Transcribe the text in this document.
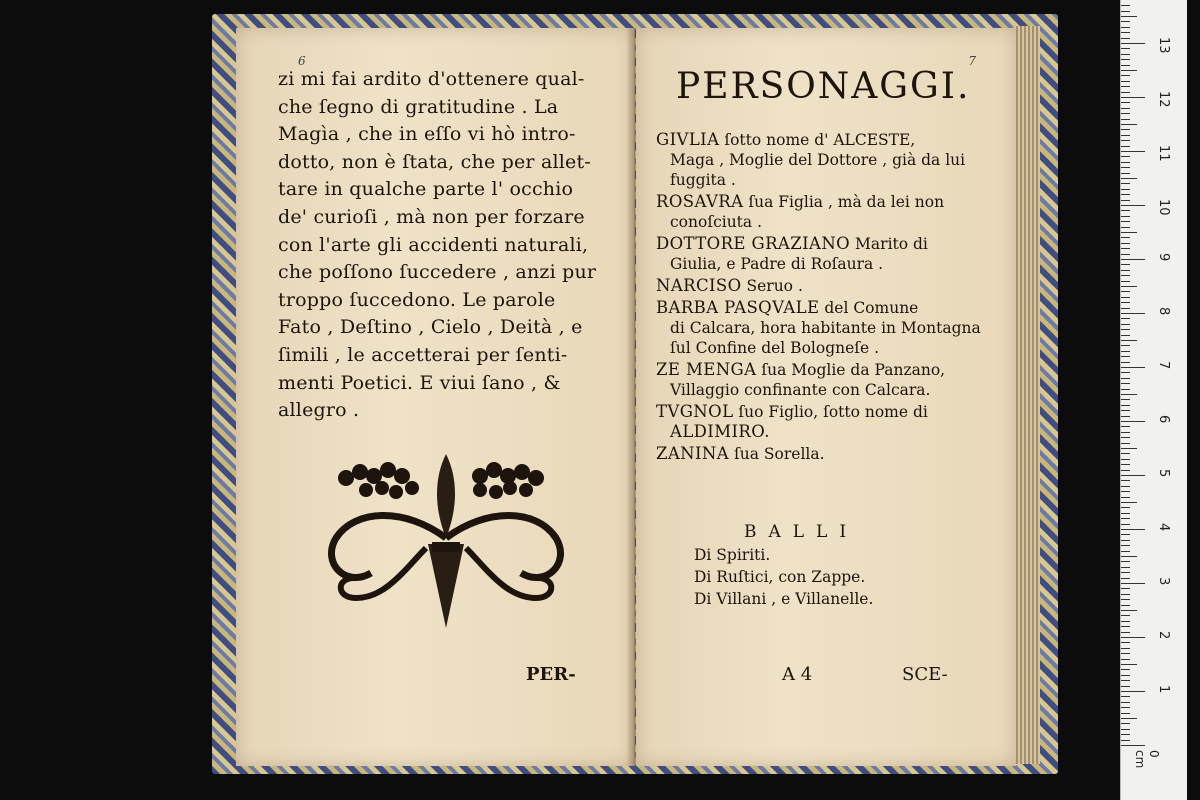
6
zi mi fai ardito d'ottenere qual-
che ſegno di gratitudine . La
Magìa , che in eſſo vi hò intro-
dotto, non è ſtata, che per allet-
tare in qualche parte l' occhio
de' curioſi , mà non per forzare
con l'arte gli accidenti naturali,
che poſſono ſuccedere , anzi pur
troppo ſuccedono. Le parole
Fato , Deſtino , Cielo , Deità , e
ſimili , le accetterai per ſenti-
menti Poetici. E viui ſano , &
allegro .
PER-
7
PERSONAGGI.
GIVLIA ſotto nome d' ALCESTE,
Maga , Moglie del Dottore , già da lui fuggita .
ROSAVRA ſua Figlia , mà da lei non
conoſciuta .
DOTTORE GRAZIANO Marito di
Giulia, e Padre di Roſaura .
NARCISO Seruo .
BARBA PASQVALE del Comune
di Calcara, hora habitante in Montagna ſul Confine del Bologneſe .
ZE MENGA ſua Moglie da Panzano,
Villaggio confinante con Calcara.
TVGNOL ſuo Figlio, ſotto nome di
ALDIMIRO.
ZANINA ſua Sorella.
BALLI
Di Spiriti.
Di Ruſtici, con Zappe.
Di Villani , e Villanelle.
A 4	SCE-
0 cm
1
2
3
4
5
6
7
8
9
10
11
12
13
